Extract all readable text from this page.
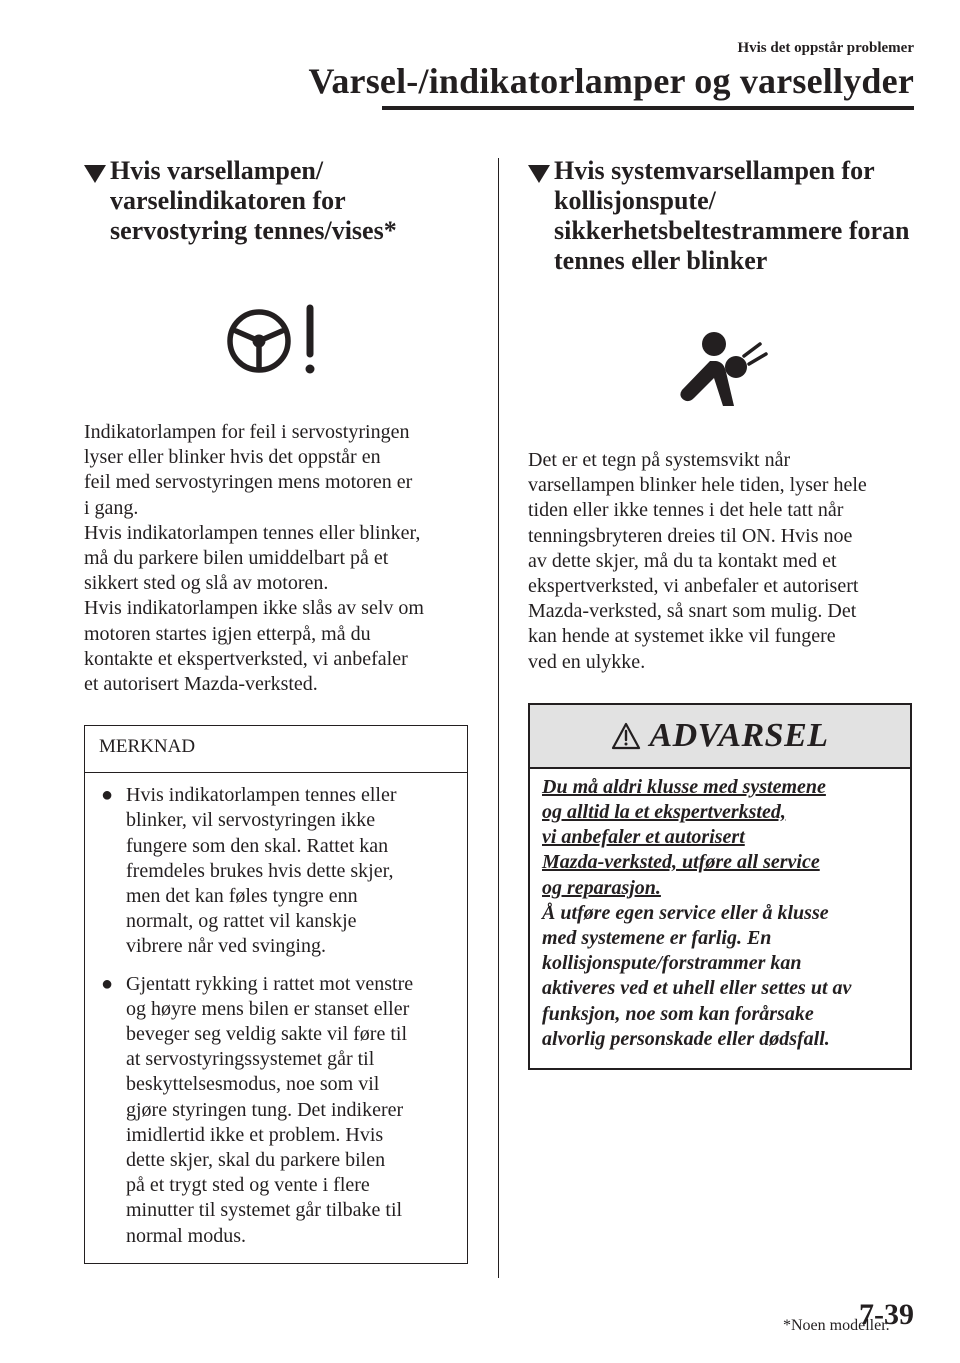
Hvis det oppstår problemer
Varsel-/indikatorlamper og varsellyder
Hvis varsellampen/
varselindikatoren for
servostyring tennes/vises*

Indikatorlampen for feil i servostyringen
lyser eller blinker hvis det oppstår en
feil med servostyringen mens motoren er
i gang.

Hvis indikatorlampen tennes eller blinker,
må du parkere bilen umiddelbart på et
sikkert sted og slå av motoren.

Hvis indikatorlampen ikke slås av selv om
motoren startes igjen etterpå, må du
kontakte et ekspertverksted, vi anbefaler
et autorisert Mazda-verksted.

MERKNAD
● Hvis indikatorlampen tennes eller
blinker, vil servostyringen ikke
fungere som den skal. Rattet kan
fremdeles brukes hvis dette skjer,
men det kan føles tyngre enn
normalt, og rattet vil kanskje
vibrere når ved svinging.
● Gjentatt rykking i rattet mot venstre
og høyre mens bilen er stanset eller
beveger seg veldig sakte vil føre til
at servostyringssystemet går til
beskyttelsesmodus, noe som vil
gjøre styringen tung. Det indikerer
imidlertid ikke et problem. Hvis
dette skjer, skal du parkere bilen
på et trygt sted og vente i flere
minutter til systemet går tilbake til
normal modus.
Hvis systemvarsellampen for
kollisjonspute/
sikkerhetsbeltestrammere foran
tennes eller blinker

Det er et tegn på systemsvikt når
varsellampen blinker hele tiden, lyser hele
tiden eller ikke tennes i det hele tatt når
tenningsbryteren dreies til ON. Hvis noe
av dette skjer, må du ta kontakt med et
ekspertverksted, vi anbefaler et autorisert
Mazda-verksted, så snart som mulig. Det
kan hende at systemet ikke vil fungere
ved en ulykke.

ADVARSEL
Du må aldri klusse med systemene
og alltid la et ekspertverksted,
vi anbefaler et autorisert
Mazda-verksted, utføre all service
og reparasjon.
Å utføre egen service eller å klusse
med systemene er farlig. En
kollisjonspute/forstrammer kan
aktiveres ved et uhell eller settes ut av
funksjon, noe som kan forårsake
alvorlig personskade eller dødsfall.
*Noen modeller.
7-39
